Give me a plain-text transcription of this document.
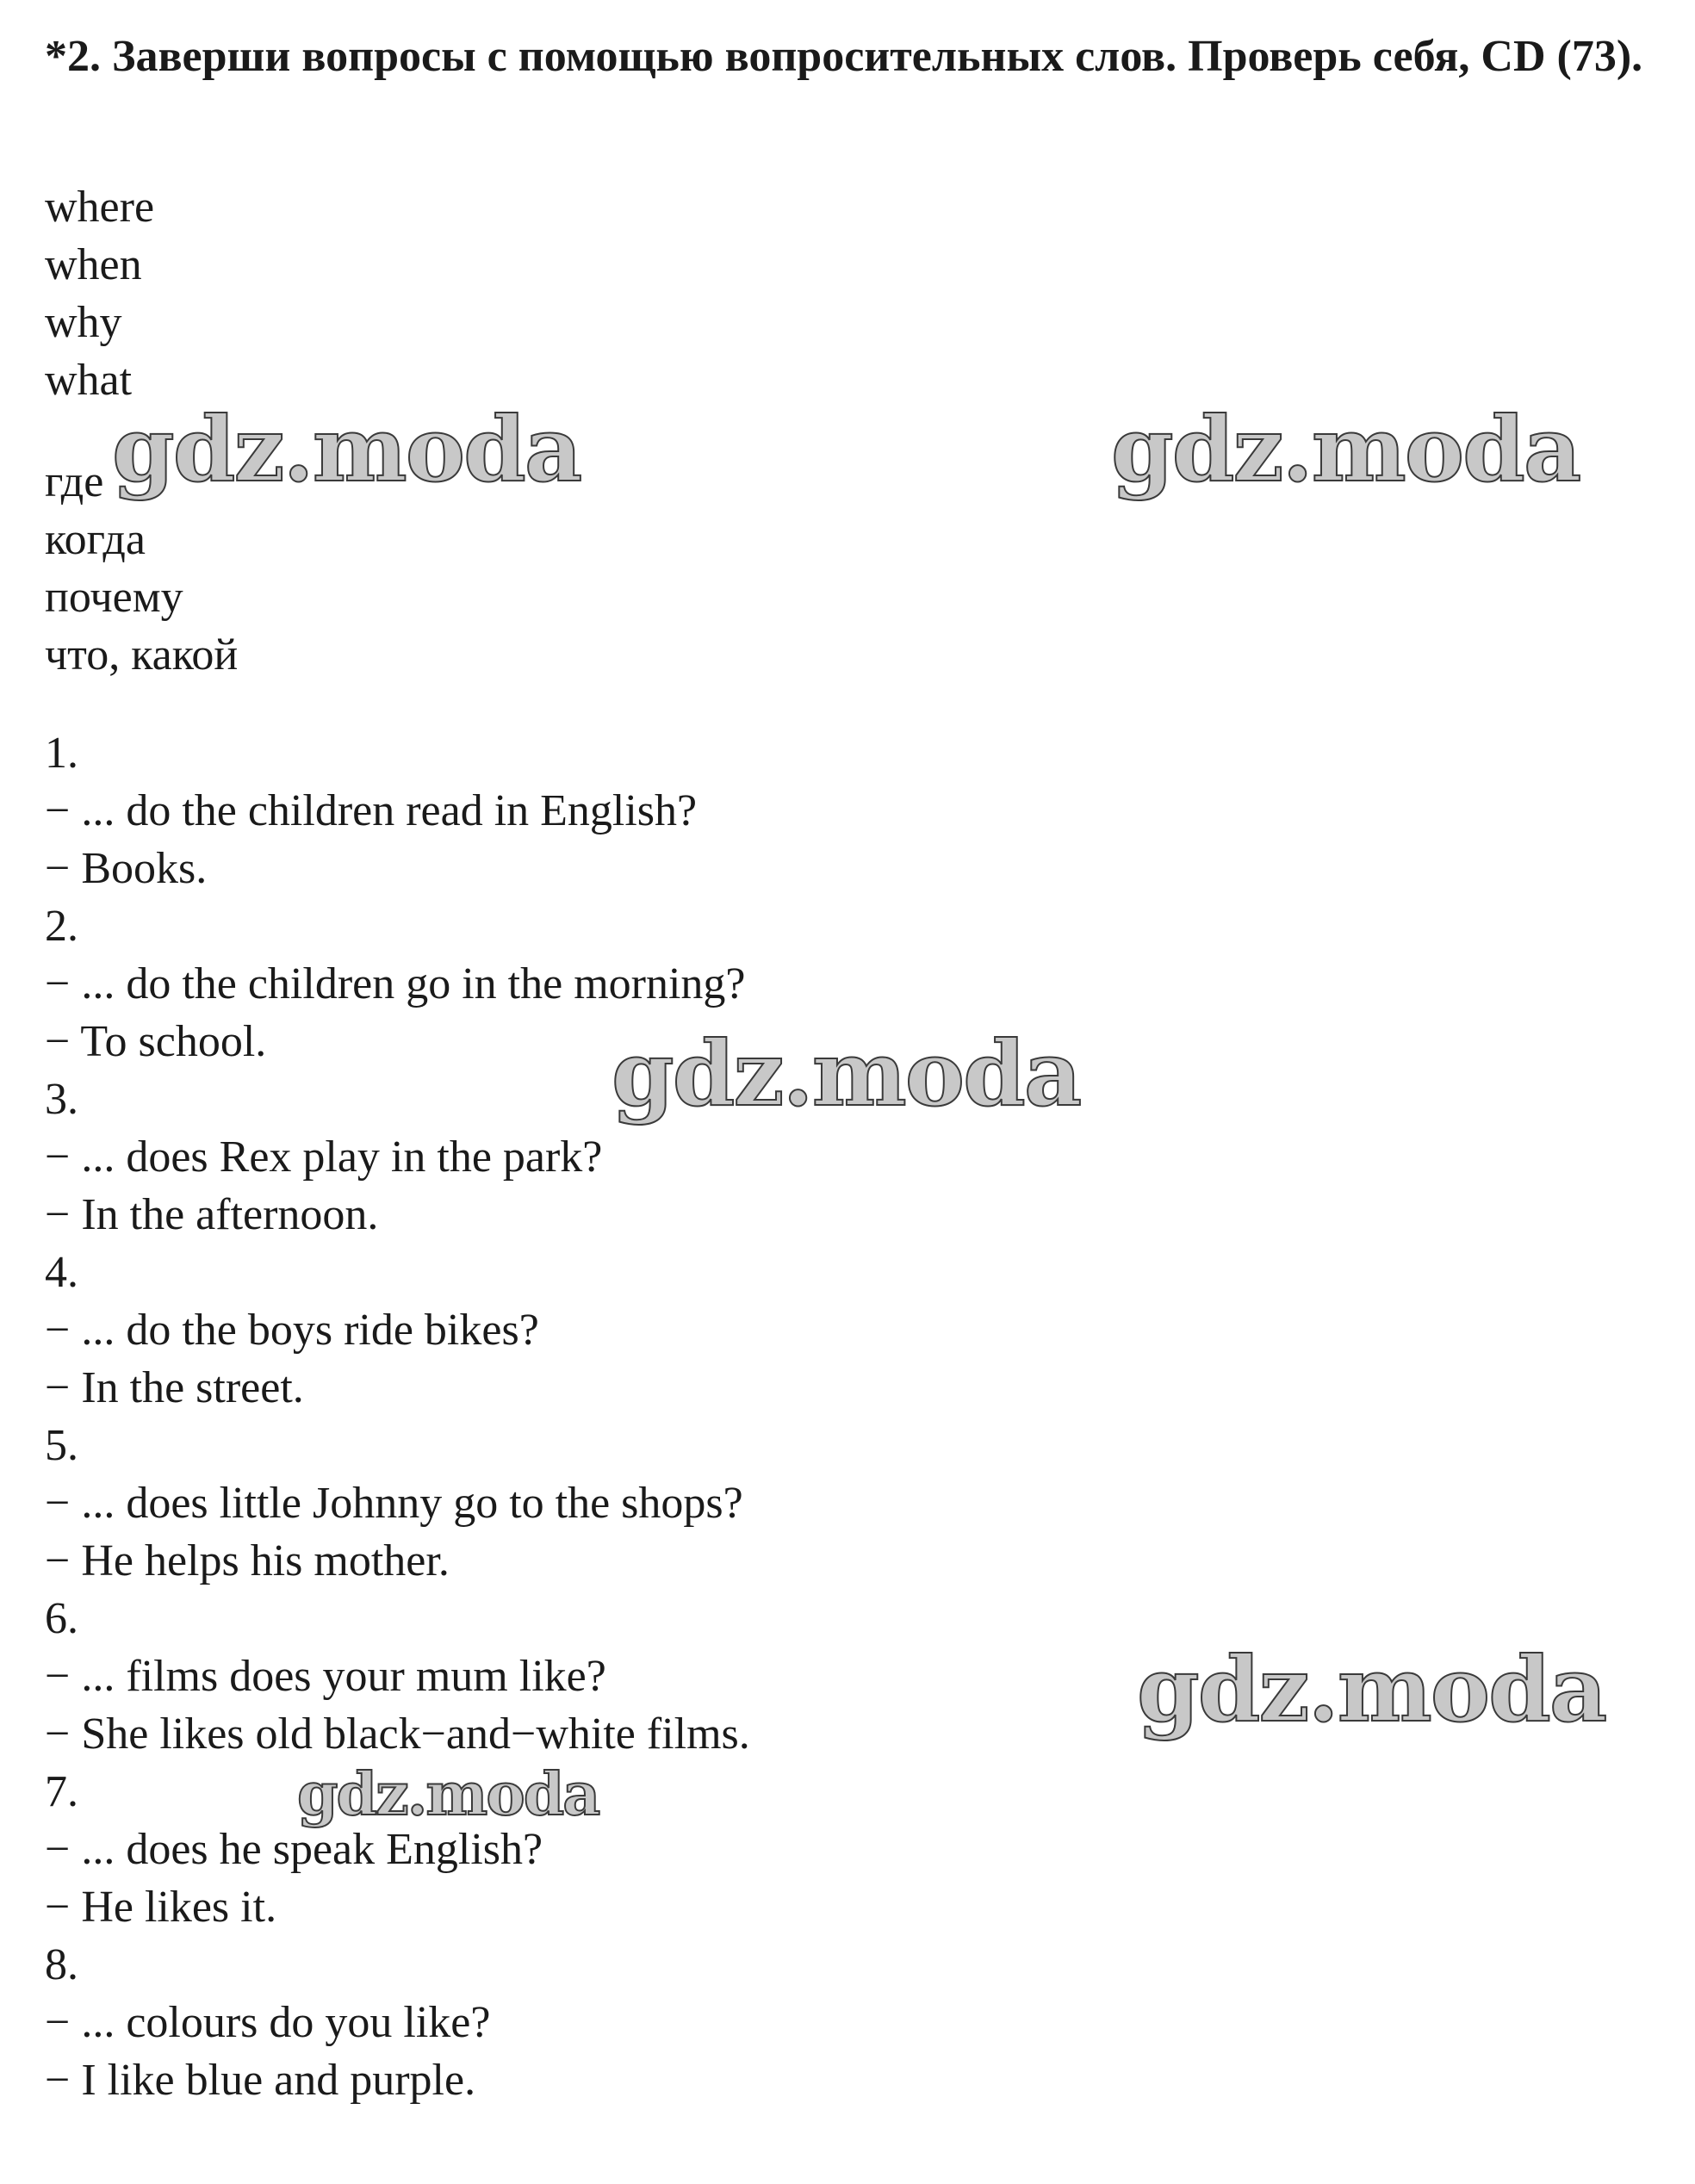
*2. Заверши вопросы с помощью вопросительных слов. Проверь себя, CD (73).

where
when
why
what
где
когда
почему
что, какой
1.
− ... do the children read in English?
− Books.
2.
− ... do the children go in the morning?
− To school.
3.
− ... does Rex play in the park?
− In the afternoon.
4.
− ... do the boys ride bikes?
− In the street.
5.
− ... does little Johnny go to the shops?
− He helps his mother.
6.
− ... films does your mum like?
− She likes old black−and−white films.
7.
− ... does he speak English?
− He likes it.
8.
− ... colours do you like?
− I like blue and purple.
gdz.moda	gdz.moda
gdz.moda
gdz.moda
gdz.moda
